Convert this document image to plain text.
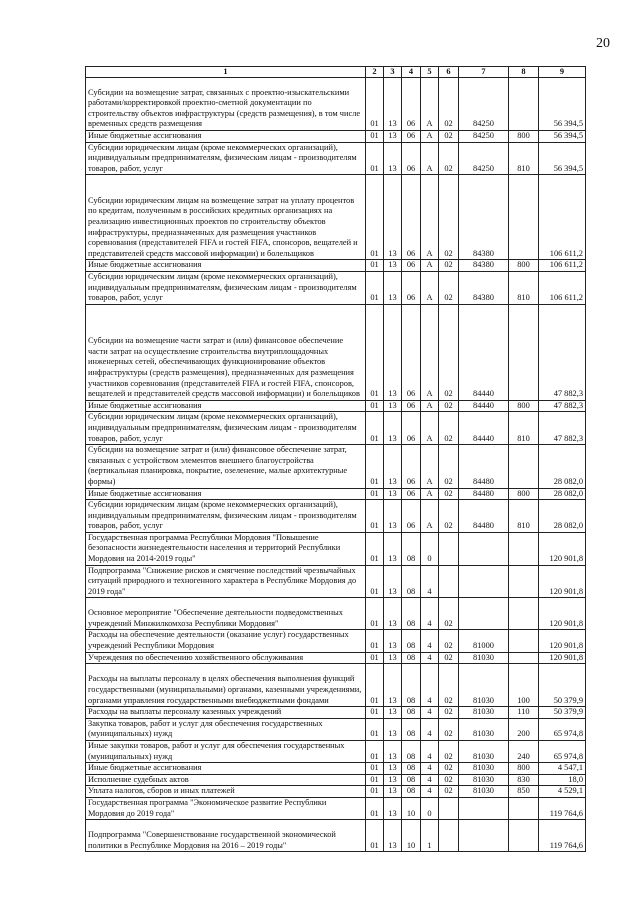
20
1	2	3	4	5	6	7	8	9
Субсидии на возмещение затрат, связанных с проектно-изыскательскими работами/корректировкой проектно-сметной документации по строительству объектов инфраструктуры (средств размещения), в том числе временных средств размещения	01	13	06	А	02	84250		56 394,5
Иные бюджетные ассигнования	01	13	06	А	02	84250	800	56 394,5
Субсидии юридическим лицам (кроме некоммерческих организаций), индивидуальным предпринимателям, физическим лицам - производителям товаров, работ, услуг	01	13	06	А	02	84250	810	56 394,5
Субсидии юридическим лицам на возмещение затрат на уплату процентов по кредитам, полученным в российских кредитных организациях на реализацию инвестиционных проектов по строительству объектов инфраструктуры, предназначенных для размещения участников соревнования (представителей FIFA и гостей FIFA, спонсоров, вещателей и представителей средств массовой информации) и болельщиков	01	13	06	А	02	84380		106 611,2
Иные бюджетные ассигнования	01	13	06	А	02	84380	800	106 611,2
Субсидии юридическим лицам (кроме некоммерческих организаций), индивидуальным предпринимателям, физическим лицам - производителям товаров, работ, услуг	01	13	06	А	02	84380	810	106 611,2
Субсидии на возмещение части затрат и (или) финансовое обеспечение части затрат на осуществление строительства внутриплощадочных инженерных сетей, обеспечивающих функционирование объектов инфраструктуры (средств размещения), предназначенных для размещения участников соревнования (представителей FIFA и гостей FIFA, спонсоров, вещателей и представителей средств массовой информации) и болельщиков	01	13	06	А	02	84440		47 882,3
Иные бюджетные ассигнования	01	13	06	А	02	84440	800	47 882,3
Субсидии юридическим лицам (кроме некоммерческих организаций), индивидуальным предпринимателям, физическим лицам - производителям товаров, работ, услуг	01	13	06	А	02	84440	810	47 882,3
Субсидии на возмещение затрат и (или) финансовое обеспечение затрат, связанных с устройством элементов внешнего благоустройства (вертикальная планировка, покрытие, озеленение, малые архитектурные формы)	01	13	06	А	02	84480		28 082,0
Иные бюджетные ассигнования	01	13	06	А	02	84480	800	28 082,0
Субсидии юридическим лицам (кроме некоммерческих организаций), индивидуальным предпринимателям, физическим лицам - производителям товаров, работ, услуг	01	13	06	А	02	84480	810	28 082,0
Государственная программа Республики Мордовия "Повышение безопасности жизнедеятельности населения и территорий Республики Мордовия на 2014-2019 годы"	01	13	08	0				120 901,8
Подпрограмма "Снижение рисков и смягчение последствий чрезвычайных ситуаций природного и техногенного характера в Республике Мордовия до 2019 года"	01	13	08	4				120 901,8
Основное мероприятие "Обеспечение деятельности подведомственных учреждений Минжилкомхоза Республики Мордовия"	01	13	08	4	02			120 901,8
Расходы на обеспечение деятельности (оказание услуг) государственных учреждений Республики Мордовия	01	13	08	4	02	81000		120 901,8
Учреждения по обеспечению хозяйственного обслуживания	01	13	08	4	02	81030		120 901,8
Расходы на выплаты персоналу в целях обеспечения выполнения функций государственными (муниципальными) органами, казенными учреждениями, органами управления государственными внебюджетными фондами	01	13	08	4	02	81030	100	50 379,9
Расходы на выплаты персоналу казенных учреждений	01	13	08	4	02	81030	110	50 379,9
Закупка товаров, работ и услуг для обеспечения государственных (муниципальных) нужд	01	13	08	4	02	81030	200	65 974,8
Иные закупки товаров, работ и услуг для обеспечения государственных (муниципальных) нужд	01	13	08	4	02	81030	240	65 974,8
Иные бюджетные ассигнования	01	13	08	4	02	81030	800	4 547,1
Исполнение судебных актов	01	13	08	4	02	81030	830	18,0
Уплата налогов, сборов и иных платежей	01	13	08	4	02	81030	850	4 529,1
Государственная программа "Экономическое развитие Республики Мордовия до 2019 года"	01	13	10	0				119 764,6
Подпрограмма "Совершенствование государственной экономической политики в Республике Мордовия на 2016 – 2019 годы"	01	13	10	1				119 764,6
